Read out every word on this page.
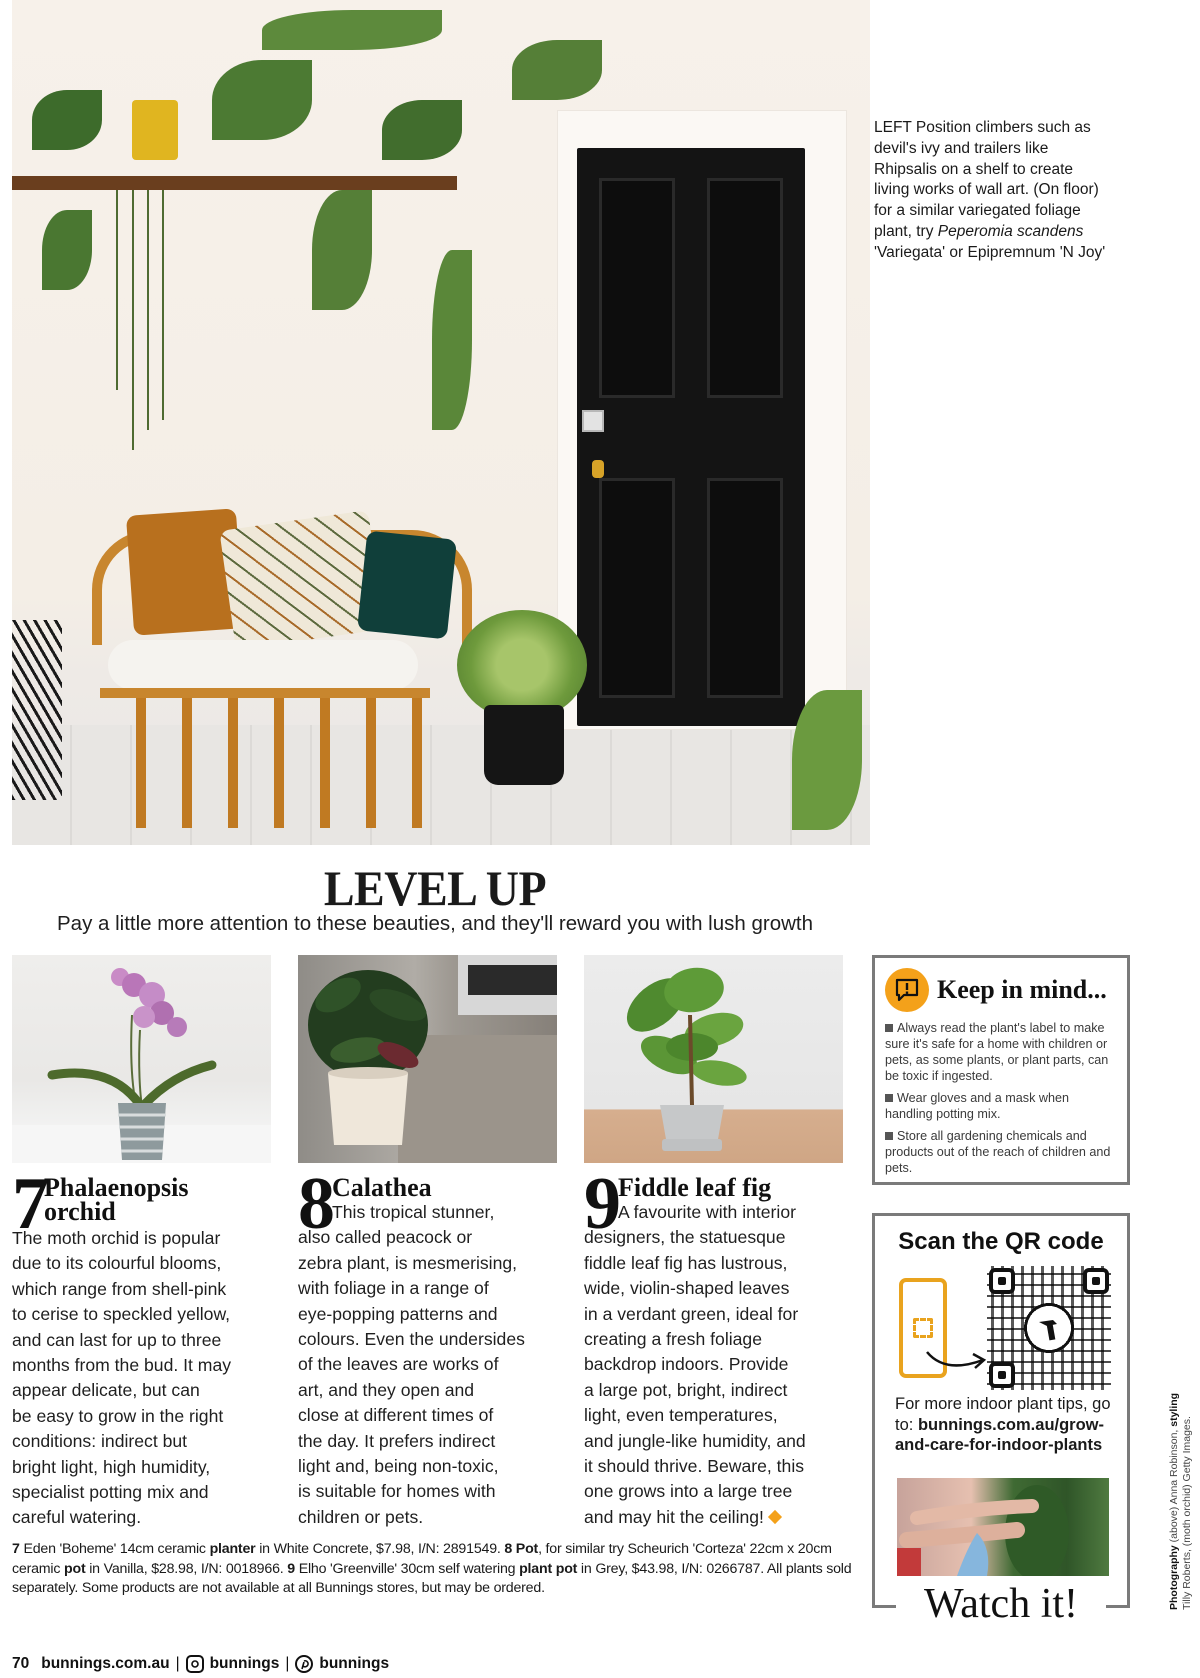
LEFT Position climbers such as devil's ivy and trailers like Rhipsalis on a shelf to create living works of wall art. (On floor) for a similar variegated foliage plant, try Peperomia scandens 'Variegata' or Epipremnum 'N Joy'

LEVEL UP

Pay a little more attention to these beauties, and they'll reward you with lush growth

7
Phalaenopsis
orchid
The moth orchid is popular
due to its colourful blooms,
which range from shell-pink
to cerise to speckled yellow,
and can last for up to three
months from the bud. It may
appear delicate, but can
be easy to grow in the right
conditions: indirect but
bright light, high humidity,
specialist potting mix and
careful watering.
8
Calathea
This tropical stunner,
also called peacock or
zebra plant, is mesmerising,
with foliage in a range of
eye-popping patterns and
colours. Even the undersides
of the leaves are works of
art, and they open and
close at different times of
the day. It prefers indirect
light and, being non-toxic,
is suitable for homes with
children or pets.
9
Fiddle leaf fig
A favourite with interior
designers, the statuesque
fiddle leaf fig has lustrous,
wide, violin-shaped leaves
in a verdant green, ideal for
creating a fresh foliage
backdrop indoors. Provide
a large pot, bright, indirect
light, even temperatures,
and jungle-like humidity, and
it should thrive. Beware, this
one grows into a large tree
and may hit the ceiling!
Keep in mind...

Always read the plant's label to make sure it's safe for a home with children or pets, as some plants, or plant parts, can be toxic if ingested.

Wear gloves and a mask when handling potting mix.

Store all gardening chemicals and products out of the reach of children and pets.

Scan the QR code

For more indoor plant tips, go to: bunnings.com.au/grow-and-care-for-indoor-plants

Watch it!

7 Eden 'Boheme' 14cm ceramic planter in White Concrete, $7.98, I/N: 2891549. 8 Pot, for similar try Scheurich 'Corteza' 22cm x 20cm ceramic pot in Vanilla, $28.98, I/N: 0018966. 9 Elho 'Greenville' 30cm self watering plant pot in Grey, $43.98, I/N: 0266787. All plants sold separately. Some products are not available at all Bunnings stores, but may be ordered.

70 bunnings.com.au | bunnings | bunnings
Photography (above) Anna Robinson, styling
Tilly Roberts, (moth orchid) Getty Images.
